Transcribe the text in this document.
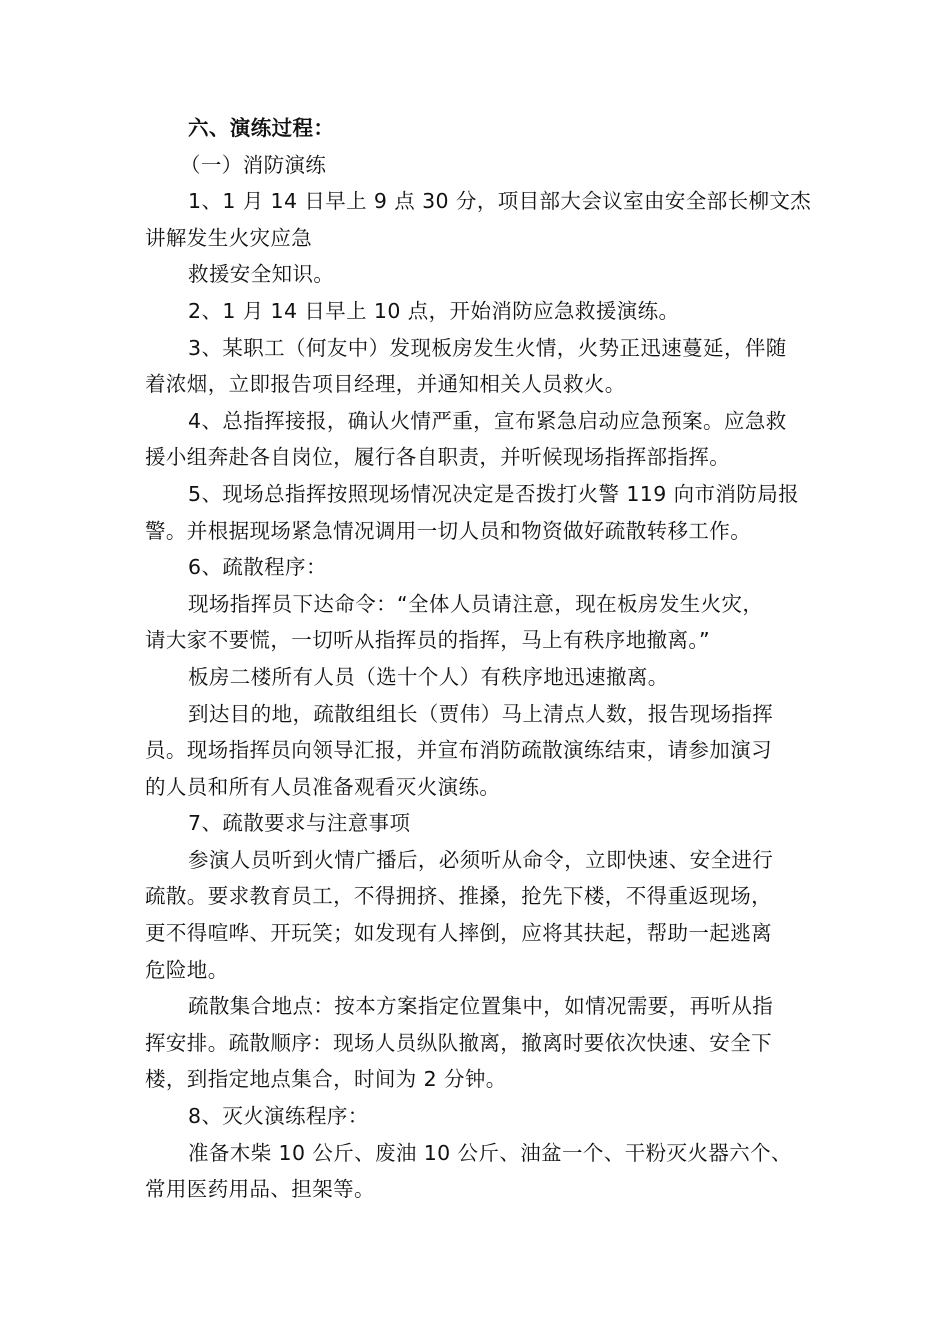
六、演练过程：
（一）消防演练
1、1 月 14 日早上 9 点 30 分，项目部大会议室由安全部长柳文杰
讲解发生火灾应急
救援安全知识。
2、1 月 14 日早上 10 点，开始消防应急救援演练。
3、某职工（何友中）发现板房发生火情，火势正迅速蔓延，伴随
着浓烟，立即报告项目经理，并通知相关人员救火。
4、总指挥接报，确认火情严重，宣布紧急启动应急预案。应急救
援小组奔赴各自岗位，履行各自职责，并听候现场指挥部指挥。
5、现场总指挥按照现场情况决定是否拨打火警 119 向市消防局报
警。并根据现场紧急情况调用一切人员和物资做好疏散转移工作。
6、疏散程序：
现场指挥员下达命令：“全体人员请注意，现在板房发生火灾，
请大家不要慌，一切听从指挥员的指挥，马上有秩序地撤离。”
板房二楼所有人员（选十个人）有秩序地迅速撤离。
到达目的地，疏散组组长（贾伟）马上清点人数，报告现场指挥
员。现场指挥员向领导汇报，并宣布消防疏散演练结束，请参加演习
的人员和所有人员准备观看灭火演练。
7、疏散要求与注意事项
参演人员听到火情广播后，必须听从命令，立即快速、安全进行
疏散。要求教育员工，不得拥挤、推搡，抢先下楼，不得重返现场，
更不得喧哗、开玩笑；如发现有人摔倒，应将其扶起，帮助一起逃离
危险地。
疏散集合地点：按本方案指定位置集中，如情况需要，再听从指
挥安排。疏散顺序：现场人员纵队撤离，撤离时要依次快速、安全下
楼，到指定地点集合，时间为 2 分钟。
8、灭火演练程序：
准备木柴 10 公斤、废油 10 公斤、油盆一个、干粉灭火器六个、
常用医药用品、担架等。
